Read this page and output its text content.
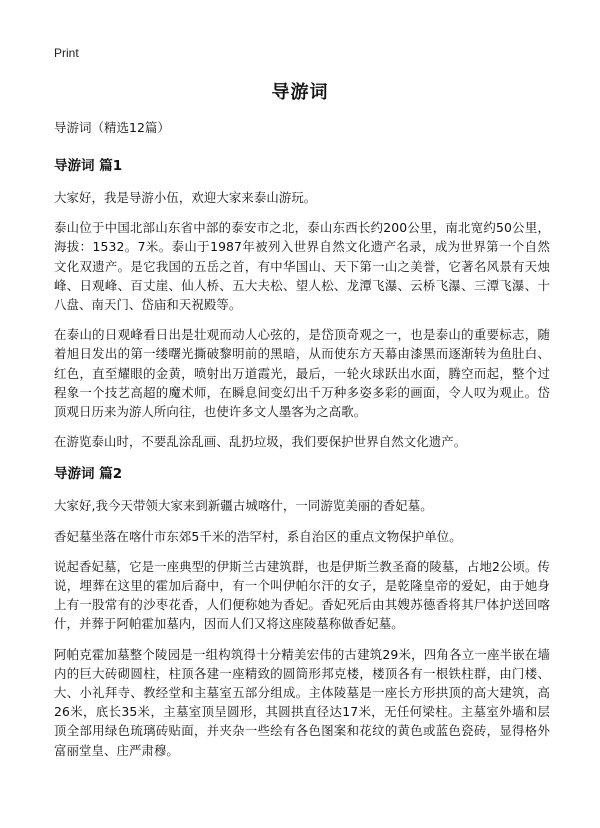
Print
导游词
导游词（精选12篇）
导游词 篇1

大家好，我是导游小伍，欢迎大家来泰山游玩。

泰山位于中国北部山东省中部的泰安市之北，泰山东西长约200公里，南北宽约50公里，海拔：1532。7米。泰山于1987年被列入世界自然文化遗产名录，成为世界第一个自然文化双遗产。是它我国的五岳之首，有中华国山、天下第一山之美誉，它著名风景有天烛峰、日观峰、百丈崖、仙人桥、五大夫松、望人松、龙潭飞瀑、云桥飞瀑、三潭飞瀑、十八盘、南天门、岱庙和天祝殿等。

在泰山的日观峰看日出是壮观而动人心弦的，是岱顶奇观之一，也是泰山的重要标志，随着旭日发出的第一缕曙光撕破黎明前的黑暗，从而使东方天幕由漆黑而逐渐转为鱼肚白、红色，直至耀眼的金黄，喷射出万道霞光，最后，一轮火球跃出水面，腾空而起，整个过程象一个技艺高超的魔术师，在瞬息间变幻出千万种多姿多彩的画面，令人叹为观止。岱顶观日历来为游人所向往，也使许多文人墨客为之高歌。

在游览泰山时，不要乱涂乱画、乱扔垃圾，我们要保护世界自然文化遗产。

导游词 篇2

大家好,我今天带领大家来到新疆古城喀什，一同游览美丽的香妃墓。

香妃墓坐落在喀什市东郊5千米的浩罕村，系自治区的重点文物保护单位。

说起香妃墓，它是一座典型的伊斯兰古建筑群，也是伊斯兰教圣裔的陵墓，占地2公顷。传说，埋葬在这里的霍加后裔中，有一个叫伊帕尔汗的女子，是乾隆皇帝的爱妃，由于她身上有一股常有的沙枣花香，人们便称她为香妃。香妃死后由其嫂苏德香将其尸体护送回喀什，并葬于阿帕霍加墓内，因而人们又将这座陵墓称做香妃墓。

阿帕克霍加墓整个陵园是一组构筑得十分精美宏伟的古建筑29米，四角各立一座半嵌在墙内的巨大砖砌圆柱，柱顶各建一座精致的圆筒形邦克楼，楼顶各有一根铁柱群，由门楼、大、小礼拜寺、教经堂和主墓室五部分组成。主体陵墓是一座长方形拱顶的高大建筑，高26米，底长35米，主墓室顶呈圆形，其圆拱直径达17米，无任何梁柱。主墓室外墙和层顶全部用绿色琉璃砖贴面，并夹杂一些绘有各色图案和花纹的黄色或蓝色瓷砖，显得格外富丽堂皇、庄严肃穆。
